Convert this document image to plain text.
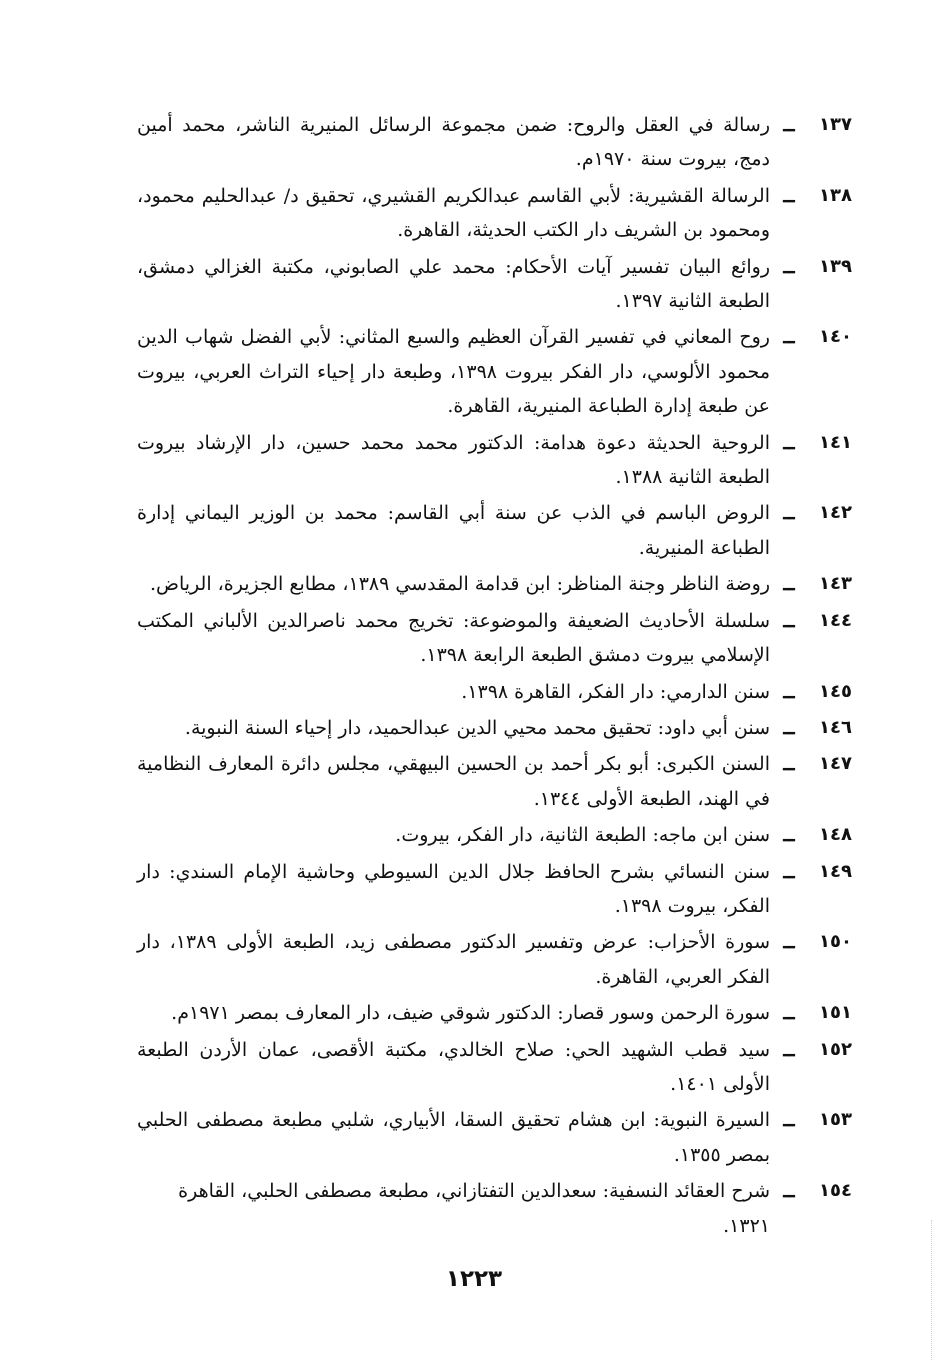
١٣٧
ــ
رسالة في العقل والروح: ضمن مجموعة الرسائل المنيرية الناشر، محمد أمين دمج، بيروت سنة ١٩٧٠م.
١٣٨
ــ
الرسالة القشيرية: لأبي القاسم عبدالكريم القشيري، تحقيق د/ عبدالحليم محمود، ومحمود بن الشريف دار الكتب الحديثة، القاهرة.
١٣٩
ــ
روائع البيان تفسير آيات الأحكام: محمد علي الصابوني، مكتبة الغزالي دمشق، الطبعة الثانية ١٣٩٧.
١٤٠
ــ
روح المعاني في تفسير القرآن العظيم والسبع المثاني: لأبي الفضل شهاب الدين محمود الألوسي، دار الفكر بيروت ١٣٩٨، وطبعة دار إحياء التراث العربي، بيروت عن طبعة إدارة الطباعة المنيرية، القاهرة.
١٤١
ــ
الروحية الحديثة دعوة هدامة: الدكتور محمد محمد حسين، دار الإرشاد بيروت الطبعة الثانية ١٣٨٨.
١٤٢
ــ
الروض الباسم في الذب عن سنة أبي القاسم: محمد بن الوزير اليماني إدارة الطباعة المنيرية.
١٤٣
ــ
روضة الناظر وجنة المناظر: ابن قدامة المقدسي ١٣٨٩، مطابع الجزيرة، الرياض.
١٤٤
ــ
سلسلة الأحاديث الضعيفة والموضوعة: تخريج محمد ناصرالدين الألباني المكتب الإسلامي بيروت دمشق الطبعة الرابعة ١٣٩٨.
١٤٥
ــ
سنن الدارمي: دار الفكر، القاهرة ١٣٩٨.
١٤٦
ــ
سنن أبي داود: تحقيق محمد محيي الدين عبدالحميد، دار إحياء السنة النبوية.
١٤٧
ــ
السنن الكبرى: أبو بكر أحمد بن الحسين البيهقي، مجلس دائرة المعارف النظامية في الهند، الطبعة الأولى ١٣٤٤.
١٤٨
ــ
سنن ابن ماجه: الطبعة الثانية، دار الفكر، بيروت.
١٤٩
ــ
سنن النسائي بشرح الحافظ جلال الدين السيوطي وحاشية الإمام السندي: دار الفكر، بيروت ١٣٩٨.
١٥٠
ــ
سورة الأحزاب: عرض وتفسير الدكتور مصطفى زيد، الطبعة الأولى ١٣٨٩، دار الفكر العربي، القاهرة.
١٥١
ــ
سورة الرحمن وسور قصار: الدكتور شوقي ضيف، دار المعارف بمصر ١٩٧١م.
١٥٢
ــ
سيد قطب الشهيد الحي: صلاح الخالدي، مكتبة الأقصى، عمان الأردن الطبعة الأولى ١٤٠١.
١٥٣
ــ
السيرة النبوية: ابن هشام تحقيق السقا، الأبياري، شلبي مطبعة مصطفى الحلبي بمصر ١٣٥٥.
١٥٤
ــ
شرح العقائد النسفية: سعدالدين التفتازاني، مطبعة مصطفى الحلبي، القاهرة ١٣٢١.
١٢٢٣
